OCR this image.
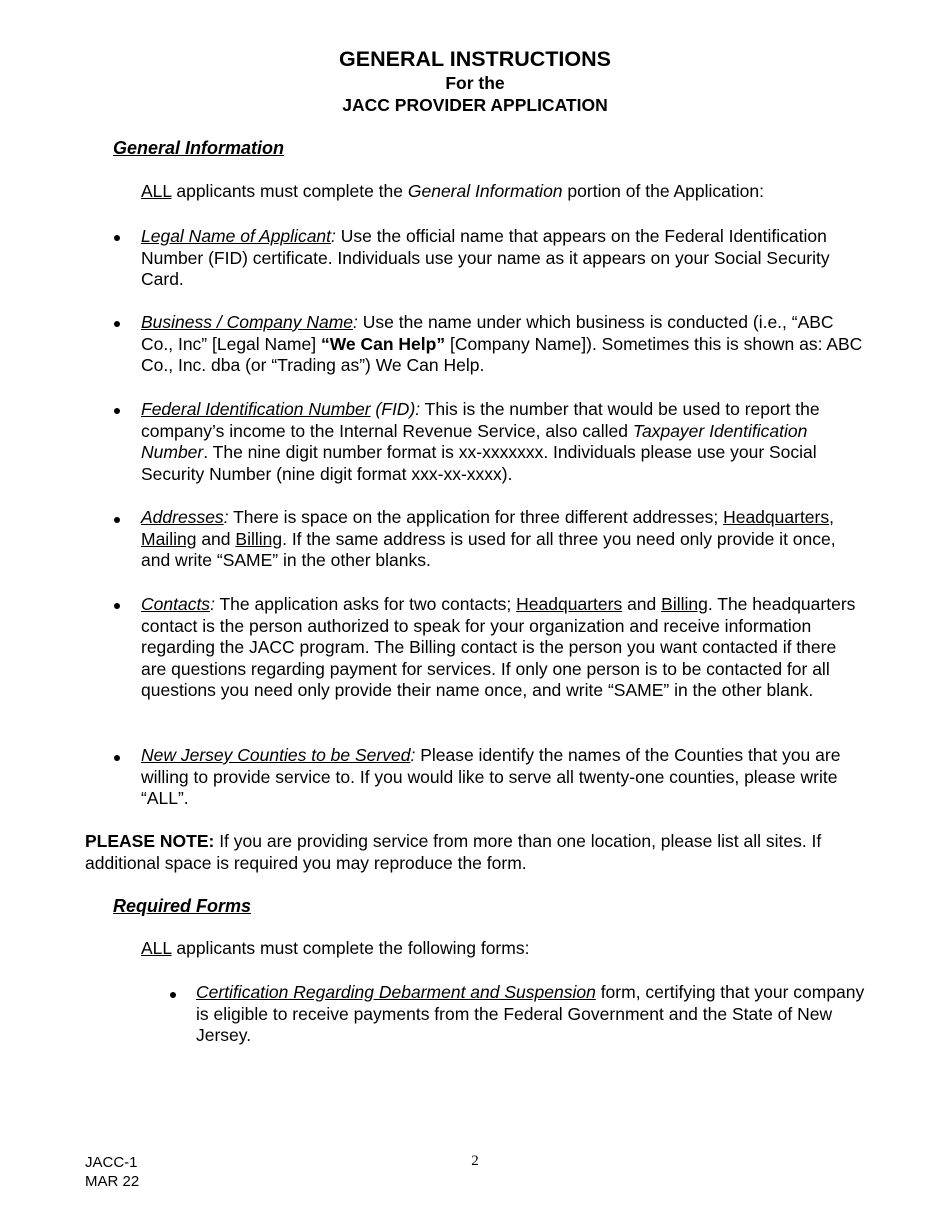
GENERAL INSTRUCTIONS
For the
JACC PROVIDER APPLICATION
General Information
ALL applicants must complete the General Information portion of the Application:
Legal Name of Applicant: Use the official name that appears on the Federal Identification Number (FID) certificate. Individuals use your name as it appears on your Social Security Card.
Business / Company Name: Use the name under which business is conducted (i.e., “ABC Co., Inc” [Legal Name] “We Can Help” [Company Name]). Sometimes this is shown as: ABC Co., Inc. dba (or “Trading as”) We Can Help.
Federal Identification Number (FID): This is the number that would be used to report the company’s income to the Internal Revenue Service, also called Taxpayer Identification Number. The nine digit number format is xx-xxxxxxx. Individuals please use your Social Security Number (nine digit format xxx-xx-xxxx).
Addresses: There is space on the application for three different addresses; Headquarters, Mailing and Billing. If the same address is used for all three you need only provide it once, and write “SAME” in the other blanks.
Contacts: The application asks for two contacts; Headquarters and Billing. The headquarters contact is the person authorized to speak for your organization and receive information regarding the JACC program. The Billing contact is the person you want contacted if there are questions regarding payment for services. If only one person is to be contacted for all questions you need only provide their name once, and write “SAME” in the other blank.
New Jersey Counties to be Served: Please identify the names of the Counties that you are willing to provide service to. If you would like to serve all twenty-one counties, please write “ALL”.
PLEASE NOTE: If you are providing service from more than one location, please list all sites. If additional space is required you may reproduce the form.
Required Forms
ALL applicants must complete the following forms:
Certification Regarding Debarment and Suspension form, certifying that your company is eligible to receive payments from the Federal Government and the State of New Jersey.
JACC-1
MAR 22
2
